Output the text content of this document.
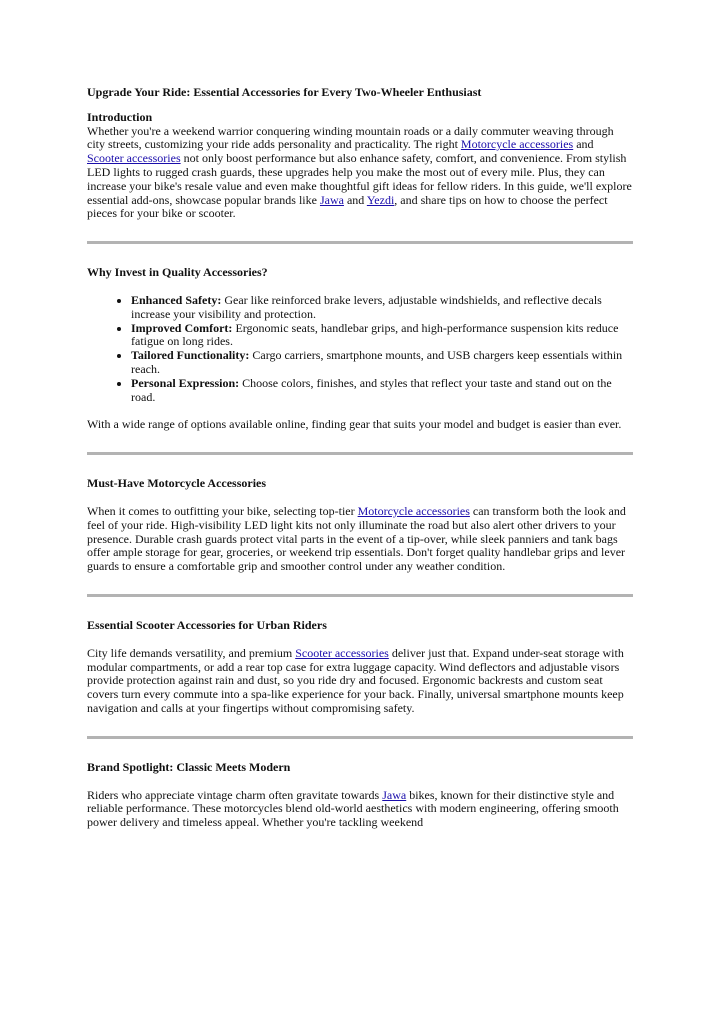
Upgrade Your Ride: Essential Accessories for Every Two-Wheeler Enthusiast

Introduction

Whether you're a weekend warrior conquering winding mountain roads or a daily commuter weaving through city streets, customizing your ride adds personality and practicality. The right Motorcycle accessories and Scooter accessories not only boost performance but also enhance safety, comfort, and convenience. From stylish LED lights to rugged crash guards, these upgrades help you make the most out of every mile. Plus, they can increase your bike's resale value and even make thoughtful gift ideas for fellow riders. In this guide, we'll explore essential add-ons, showcase popular brands like Jawa and Yezdi, and share tips on how to choose the perfect pieces for your bike or scooter.

Why Invest in Quality Accessories?

• Enhanced Safety: Gear like reinforced brake levers, adjustable windshields, and reflective decals increase your visibility and protection.
• Improved Comfort: Ergonomic seats, handlebar grips, and high-performance suspension kits reduce fatigue on long rides.
• Tailored Functionality: Cargo carriers, smartphone mounts, and USB chargers keep essentials within reach.
• Personal Expression: Choose colors, finishes, and styles that reflect your taste and stand out on the road.

With a wide range of options available online, finding gear that suits your model and budget is easier than ever.

Must-Have Motorcycle Accessories

When it comes to outfitting your bike, selecting top-tier Motorcycle accessories can transform both the look and feel of your ride. High-visibility LED light kits not only illuminate the road but also alert other drivers to your presence. Durable crash guards protect vital parts in the event of a tip-over, while sleek panniers and tank bags offer ample storage for gear, groceries, or weekend trip essentials. Don't forget quality handlebar grips and lever guards to ensure a comfortable grip and smoother control under any weather condition.

Essential Scooter Accessories for Urban Riders

City life demands versatility, and premium Scooter accessories deliver just that. Expand under-seat storage with modular compartments, or add a rear top case for extra luggage capacity. Wind deflectors and adjustable visors provide protection against rain and dust, so you ride dry and focused. Ergonomic backrests and custom seat covers turn every commute into a spa-like experience for your back. Finally, universal smartphone mounts keep navigation and calls at your fingertips without compromising safety.

Brand Spotlight: Classic Meets Modern

Riders who appreciate vintage charm often gravitate towards Jawa bikes, known for their distinctive style and reliable performance. These motorcycles blend old-world aesthetics with modern engineering, offering smooth power delivery and timeless appeal. Whether you're tackling weekend
